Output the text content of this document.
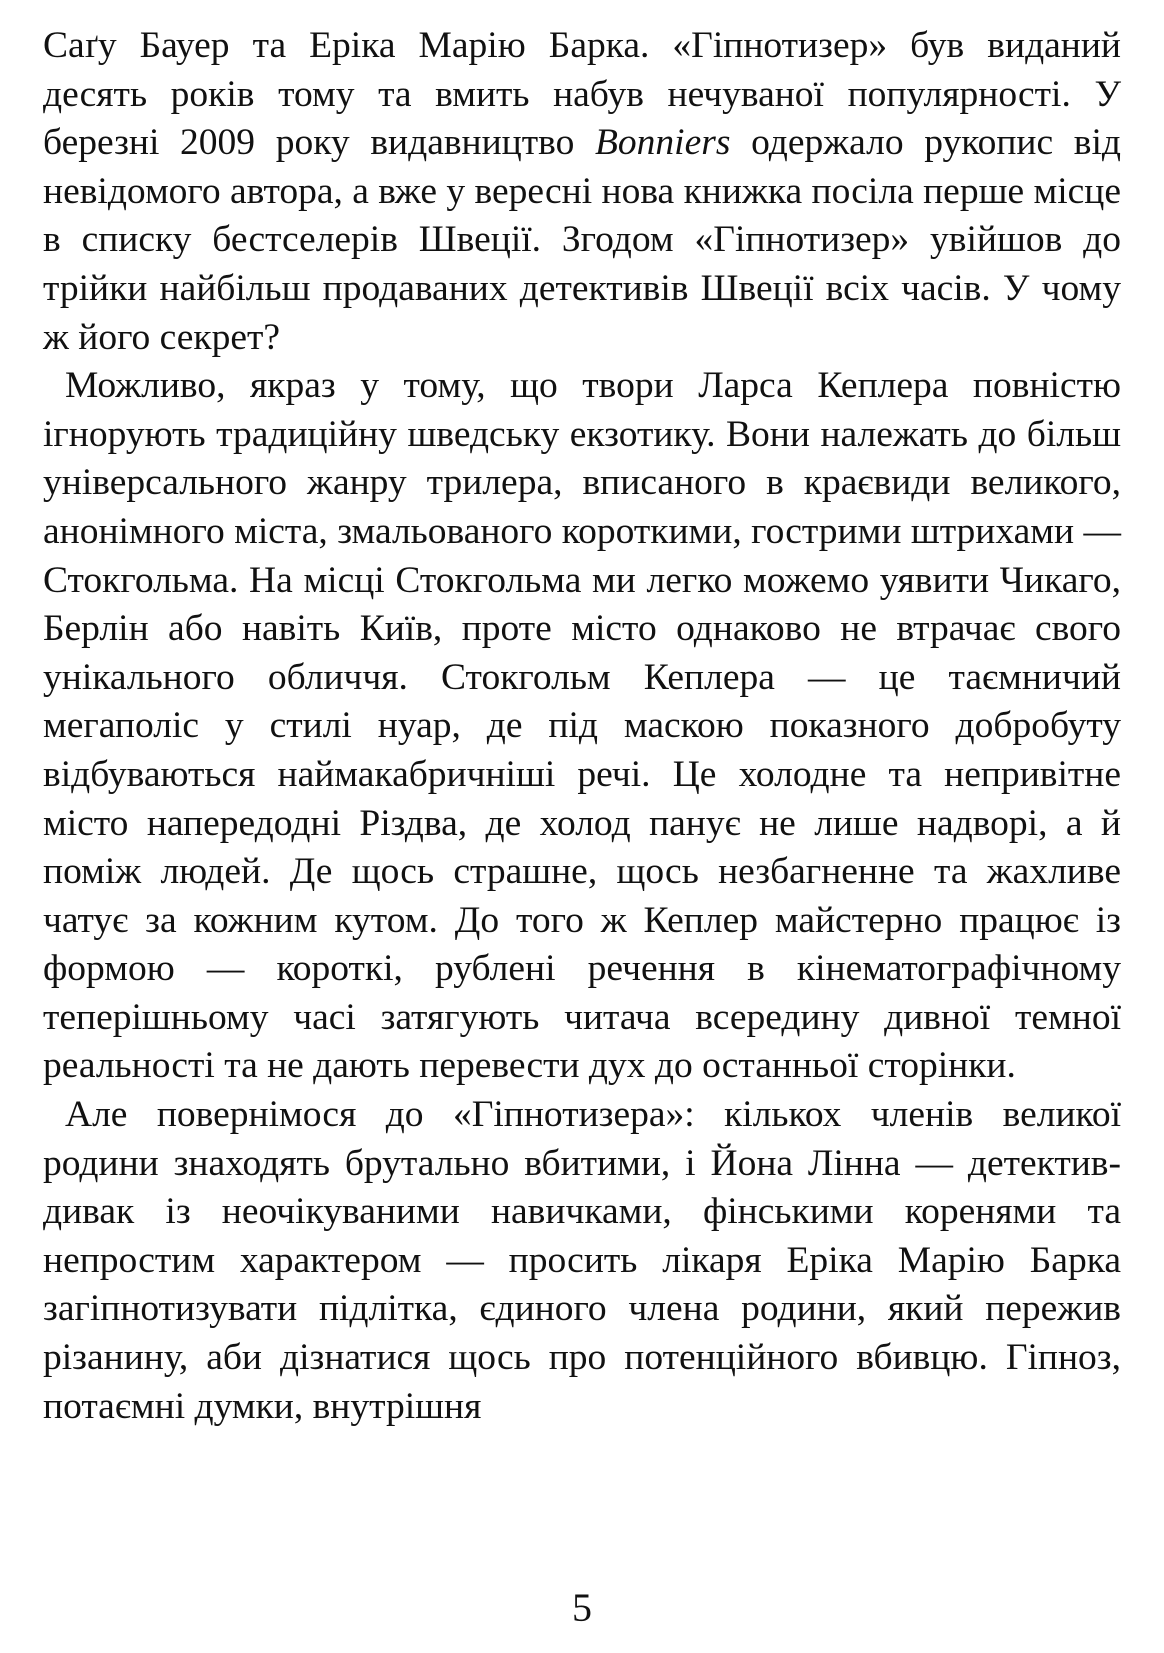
Саґу Бауер та Еріка Марію Барка. «Гіпнотизер» був виданий десять років тому та вмить набув нечуваної популярності. У березні 2009 року видавництво Bonniers одержало рукопис від невідомого автора, а вже у вересні нова книжка посіла перше місце в списку бестселерів Швеції. Згодом «Гіпнотизер» увійшов до трійки найбільш продаваних детективів Швеції всіх часів. У чому ж його секрет?

Можливо, якраз у тому, що твори Ларса Кеплера повністю ігнорують традиційну шведську екзотику. Вони належать до більш універсального жанру трилера, вписаного в краєвиди великого, анонімного міста, змальованого короткими, гострими штрихами — Стокгольма. На місці Стокгольма ми легко можемо уявити Чикаго, Берлін або навіть Київ, проте місто однаково не втрачає свого унікального обличчя. Стокгольм Кеплера — це таємничий мегаполіс у стилі нуар, де під маскою показного добробуту відбуваються наймакабричніші речі. Це холодне та непривітне місто напередодні Різдва, де холод панує не лише надворі, а й поміж людей. Де щось страшне, щось незбагненне та жахливе чатує за кожним кутом. До того ж Кеплер майстерно працює із формою — короткі, рублені речення в кінематографічному теперішньому часі затягують читача всередину дивної темної реальності та не дають перевести дух до останньої сторінки.

Але повернімося до «Гіпнотизера»: кількох членів великої родини знаходять брутально вбитими, і Йона Лінна — детектив-дивак із неочікуваними навичками, фінськими коренями та непростим характером — просить лікаря Еріка Марію Барка загіпнотизувати підлітка, єдиного члена родини, який пережив різанину, аби дізнатися щось про потенційного вбивцю. Гіпноз, потаємні думки, внутрішня

5
